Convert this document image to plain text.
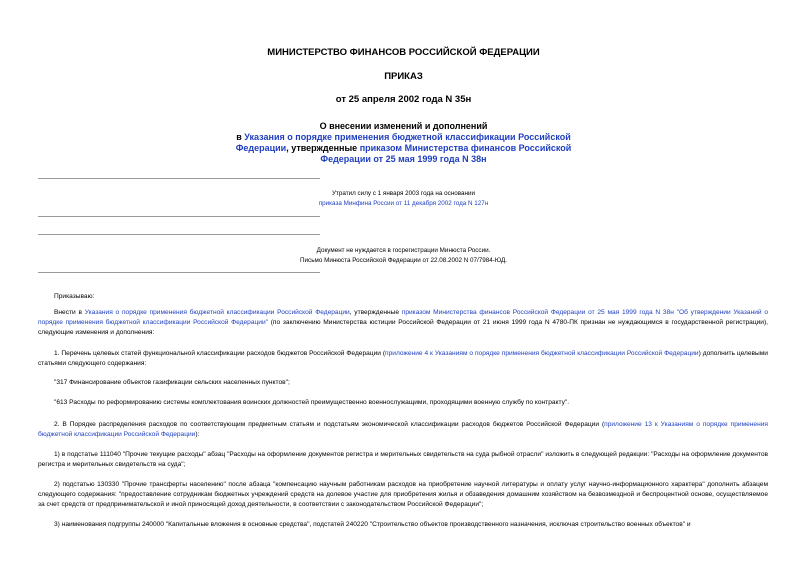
МИНИСТЕРСТВО ФИНАНСОВ РОССИЙСКОЙ ФЕДЕРАЦИИ
ПРИКАЗ
от 25 апреля 2002 года N 35н
О внесении изменений и дополнений
в Указания о порядке применения бюджетной классификации Российской Федерации, утвержденные приказом Министерства финансов Российской Федерации от 25 мая 1999 года N 38н
Утратил силу с 1 января 2003 года на основании
приказа Минфина России от 11 декабря 2002 года N 127н
Документ не нуждается в госрегистрации Минюста России.
Письмо Минюста Российской Федерации от 22.08.2002 N 07/7984-ЮД.
Приказываю:
Внести в Указания о порядке применения бюджетной классификации Российской Федерации, утвержденные приказом Министерства финансов Российской Федерации от 25 мая 1999 года N 38н "Об утверждении Указаний о порядке применения бюджетной классификации Российской Федерации" (по заключению Министерства юстиции Российской Федерации от 21 июня 1999 года N 4780-ПК признан не нуждающимся в государственной регистрации), следующие изменения и дополнения:
1. Перечень целевых статей функциональной классификации расходов бюджетов Российской Федерации (приложение 4 к Указаниям о порядке применения бюджетной классификации Российской Федерации) дополнить целевыми статьями следующего содержания:
"317 Финансирование объектов газификации сельских населенных пунктов";
"613 Расходы по реформированию системы комплектования воинских должностей преимущественно военнослужащими, проходящими военную службу по контракту".
2. В Порядке распределения расходов по соответствующим предметным статьям и подстатьям экономической классификации расходов бюджетов Российской Федерации (приложение 13 к Указаниям о порядке применения бюджетной классификации Российской Федерации):
1) в подстатье 111040 "Прочие текущие расходы" абзац "Расходы на оформление документов регистра и мерительных свидетельств на суда рыбной отрасли" изложить в следующей редакции: "Расходы на оформление документов регистра и мерительных свидетельств на суда";
2) подстатью 130330 "Прочие трансферты населению" после абзаца "компенсацию научным работникам расходов на приобретение научной литературы и оплату услуг научно-информационного характера" дополнить абзацем следующего содержания: "предоставление сотрудникам бюджетных учреждений средств на долевое участие для приобретения жилья и обзаведения домашним хозяйством на безвозмездной и беспроцентной основе, осуществляемое за счет средств от предпринимательской и иной приносящей доход деятельности, в соответствии с законодательством Российской Федерации";
3) наименования подгруппы 240000 "Капитальные вложения в основные средства", подстатей 240220 "Строительство объектов производственного назначения, исключая строительство военных объектов" и
